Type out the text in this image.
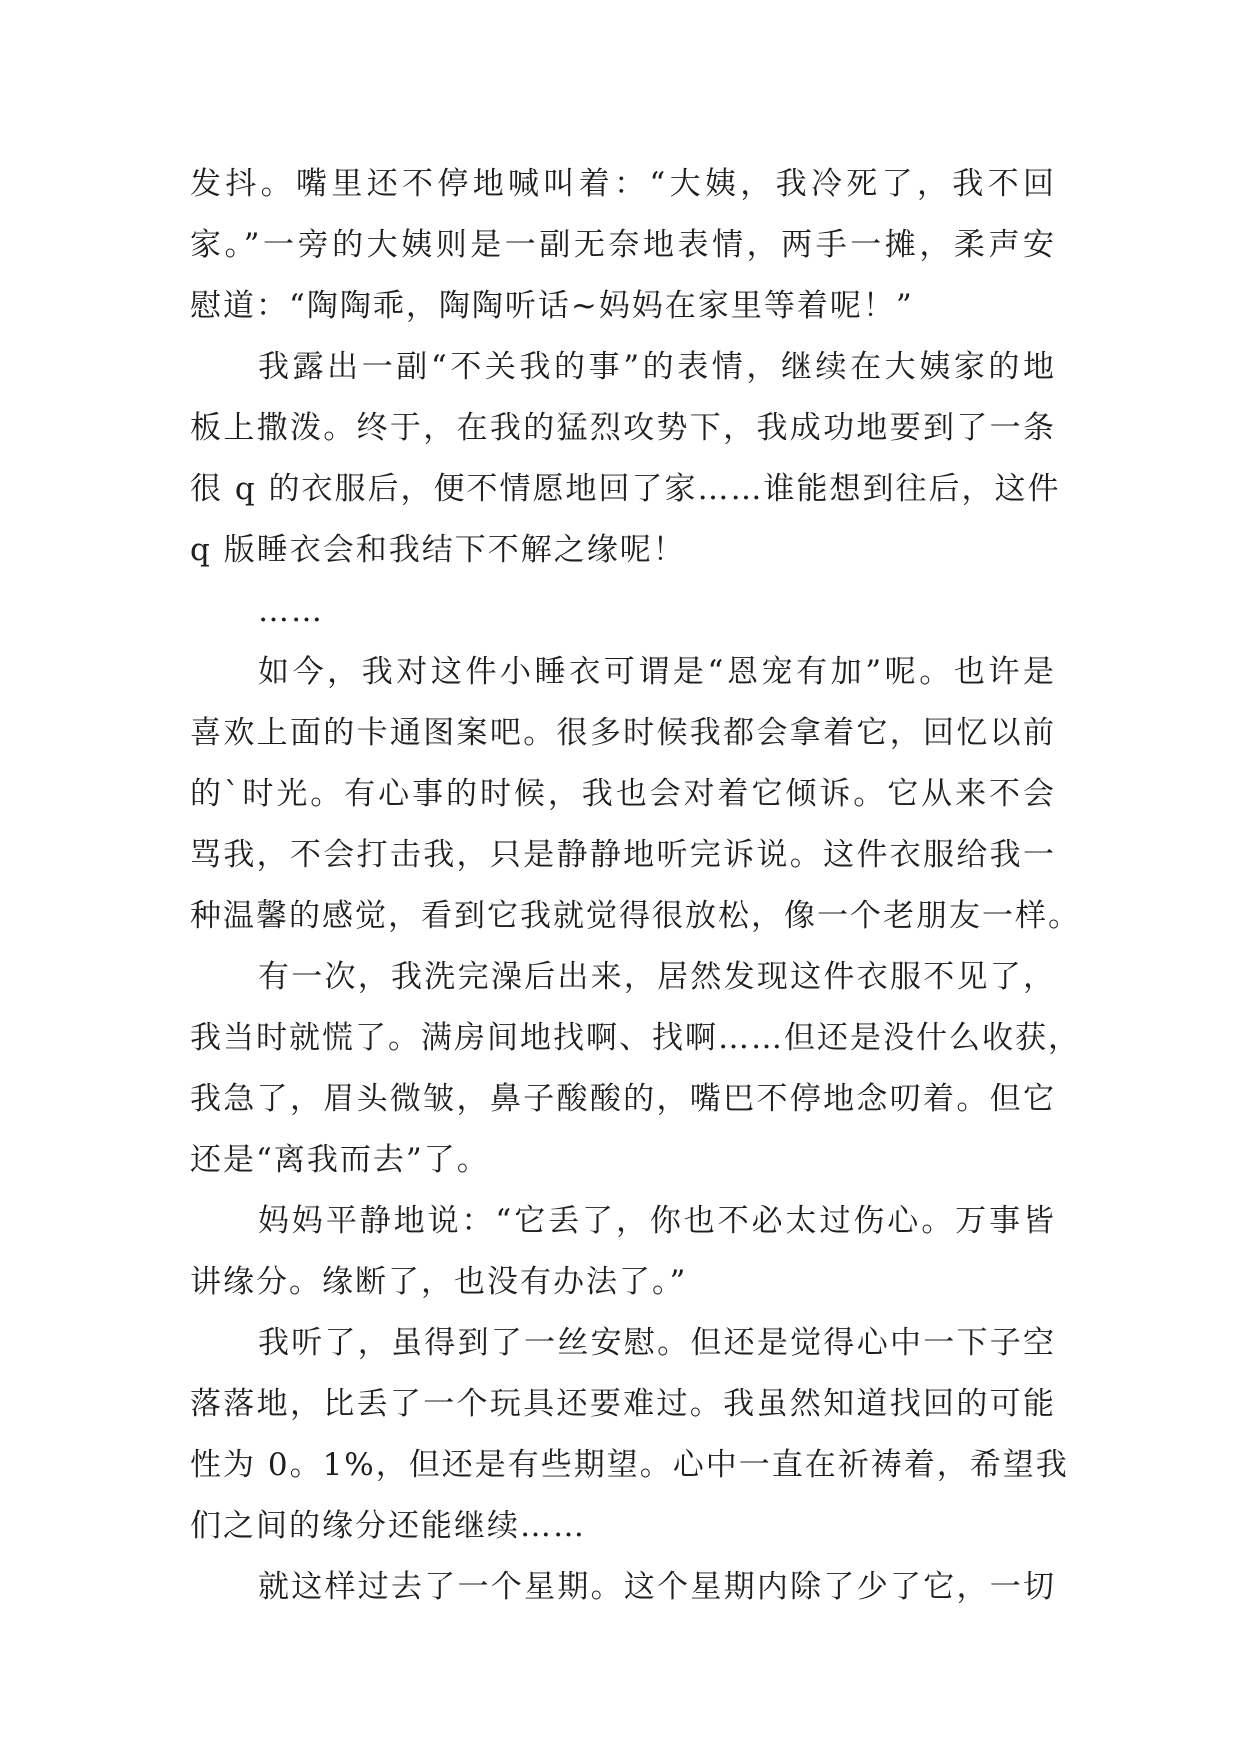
发抖。嘴里还不停地喊叫着：“大姨，我冷死了，我不回
家。”一旁的大姨则是一副无奈地表情，两手一摊，柔声安
慰道：“陶陶乖，陶陶听话~妈妈在家里等着呢！”
我露出一副“不关我的事”的表情，继续在大姨家的地
板上撒泼。终于，在我的猛烈攻势下，我成功地要到了一条
很 q 的衣服后，便不情愿地回了家……谁能想到往后，这件
q 版睡衣会和我结下不解之缘呢！
……
如今，我对这件小睡衣可谓是“恩宠有加”呢。也许是
喜欢上面的卡通图案吧。很多时候我都会拿着它，回忆以前
的`时光。有心事的时候，我也会对着它倾诉。它从来不会
骂我，不会打击我，只是静静地听完诉说。这件衣服给我一
种温馨的感觉，看到它我就觉得很放松，像一个老朋友一样。
有一次，我洗完澡后出来，居然发现这件衣服不见了，
我当时就慌了。满房间地找啊、找啊……但还是没什么收获，
我急了，眉头微皱，鼻子酸酸的，嘴巴不停地念叨着。但它
还是“离我而去”了。
妈妈平静地说：“它丢了，你也不必太过伤心。万事皆
讲缘分。缘断了，也没有办法了。”
我听了，虽得到了一丝安慰。但还是觉得心中一下子空
落落地，比丢了一个玩具还要难过。我虽然知道找回的可能
性为 0。1%，但还是有些期望。心中一直在祈祷着，希望我
们之间的缘分还能继续……
就这样过去了一个星期。这个星期内除了少了它，一切
